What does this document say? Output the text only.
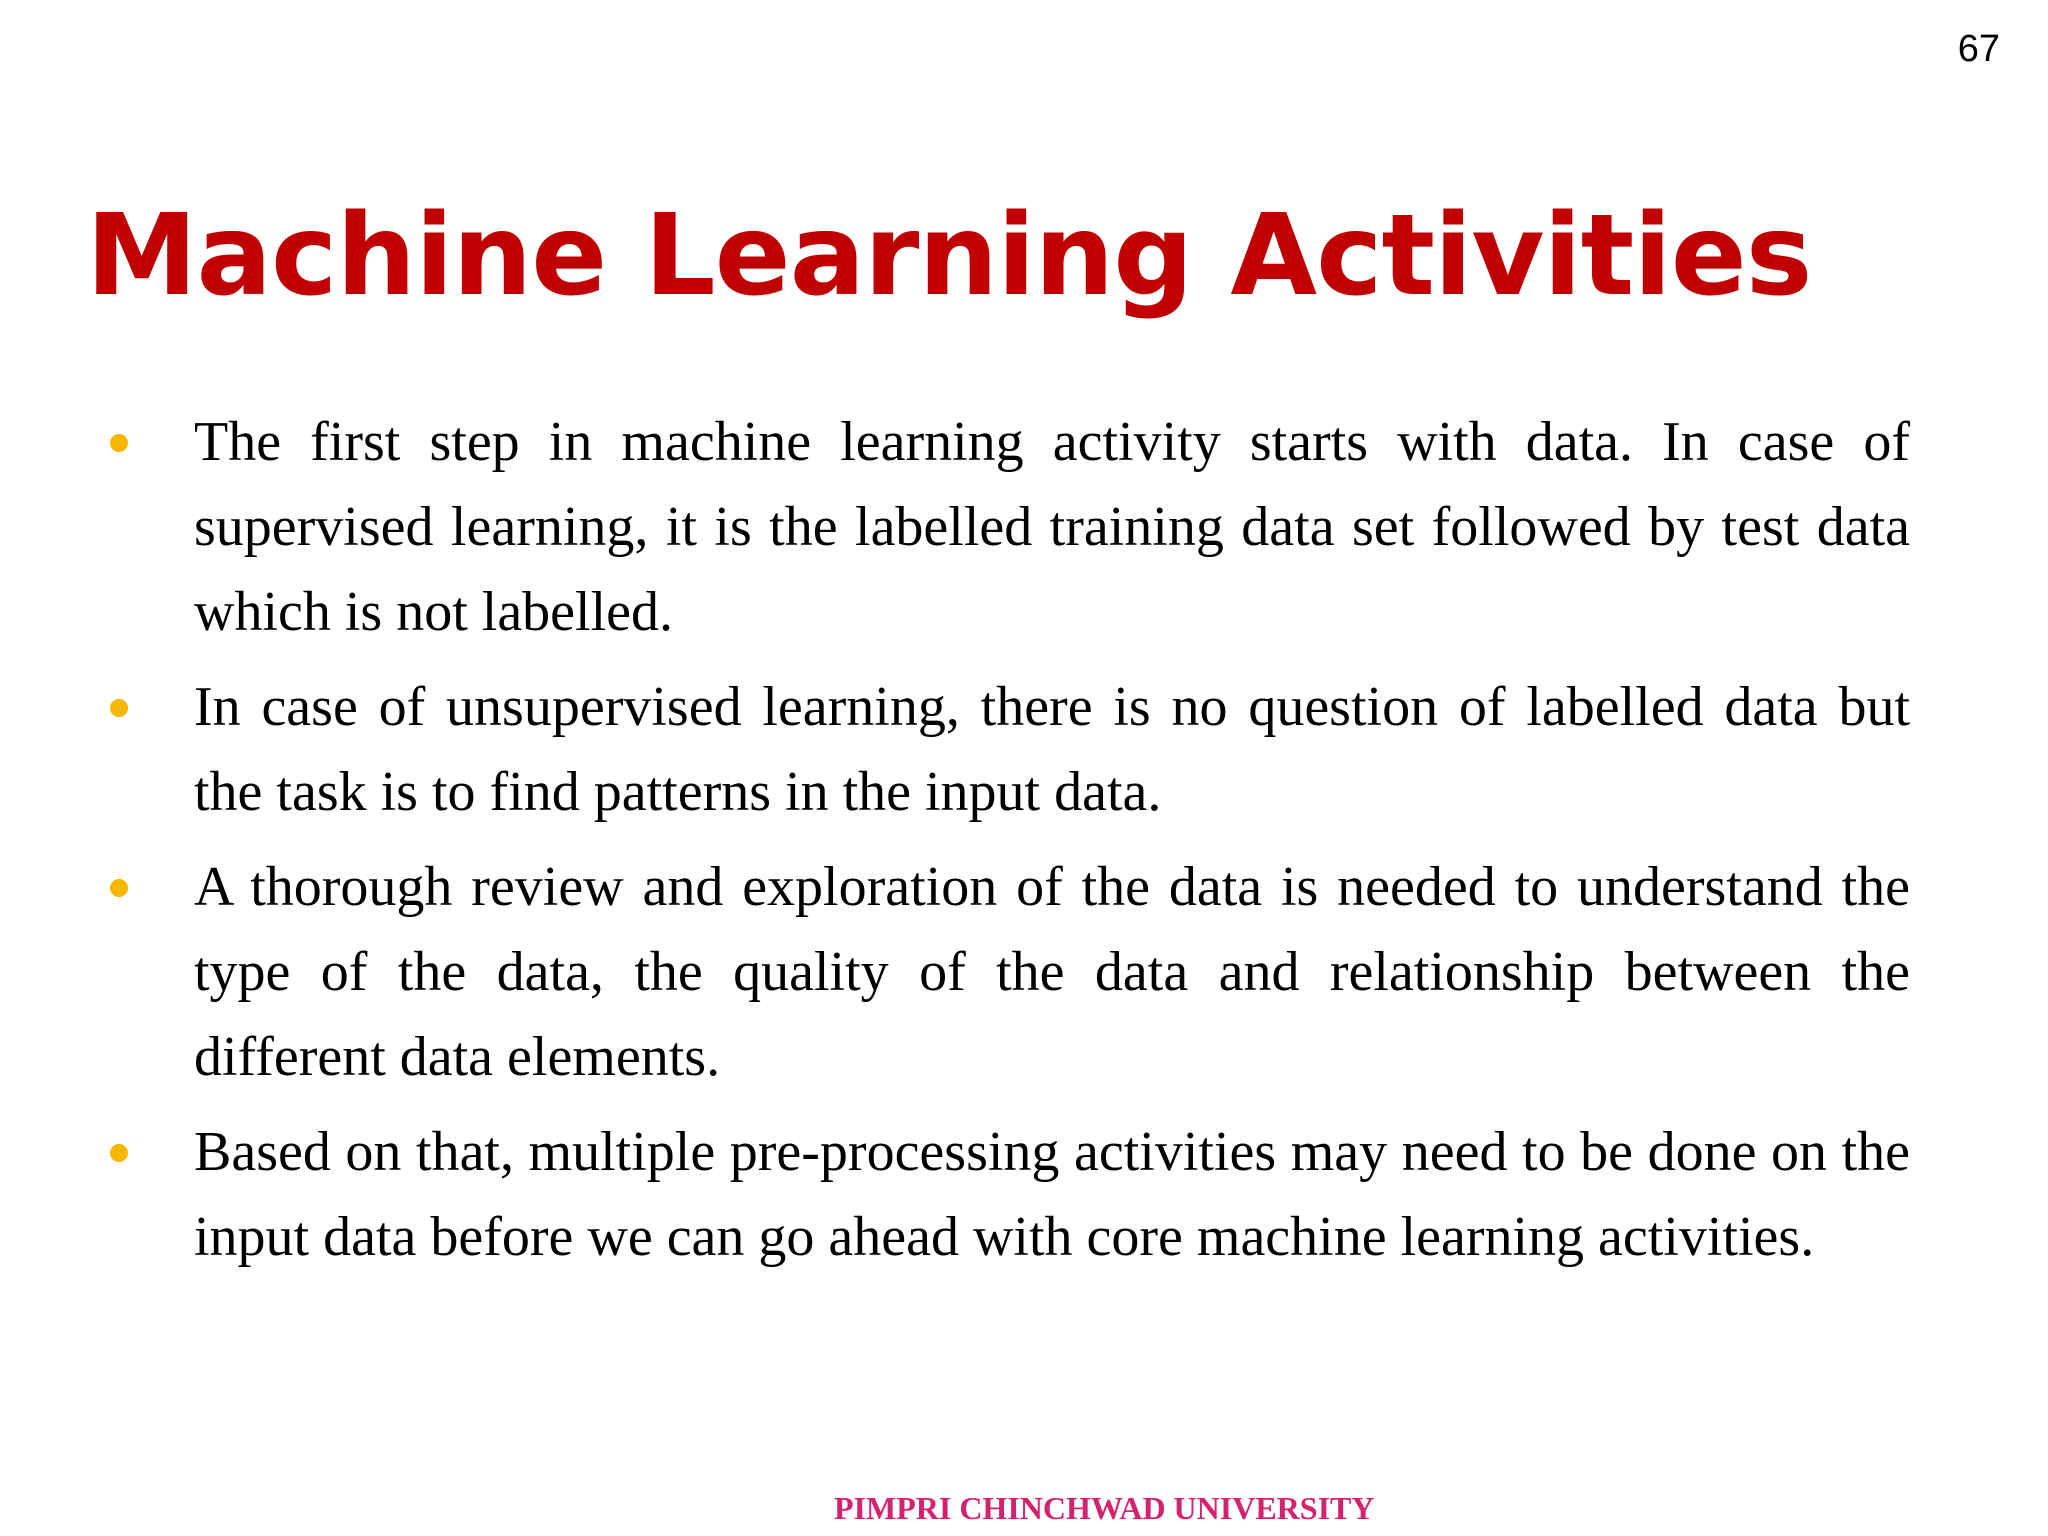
67
Machine Learning Activities
The first step in machine learning activity starts with data. In case of supervised learning, it is the labelled training data set followed by test data which is not labelled.
In case of unsupervised learning, there is no question of labelled data but the task is to find patterns in the input data.
A thorough review and exploration of the data is needed to understand the type of the data, the quality of the data and relationship between the different data elements.
Based on that, multiple pre-processing activities may need to be done on the input data before we can go ahead with core machine learning activities.
PIMPRI CHINCHWAD UNIVERSITY
